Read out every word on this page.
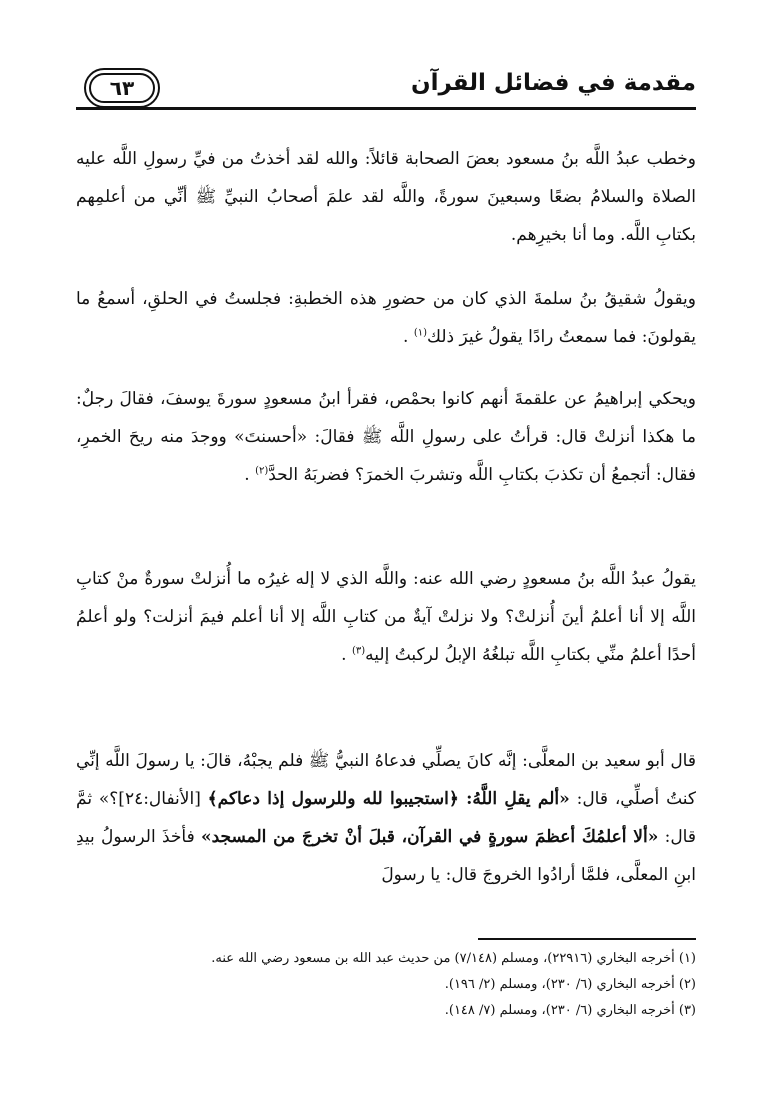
٦٣	مقدمة في فضائل القرآن

وخطب عبدُ اللَّه بنُ مسعود بعضَ الصحابة قائلاً: والله لقد أخذتُ من فيِّ رسولِ اللَّه عليه الصلاة والسلامُ بضعًا وسبعينَ سورةً، واللَّه لقد علمَ أصحابُ النبيِّ ﷺ أنِّي من أعلمِهم بكتابِ اللَّه. وما أنا بخيرِهم.

ويقولُ شقيقُ بنُ سلمةَ الذي كان من حضورِ هذه الخطبةِ: فجلستُ في الحلقِ، أسمعُ ما يقولونَ: فما سمعتُ رادًا يقولُ غيرَ ذلك$^{(١)}$ .

ويحكي إبراهيمُ عن علقمةَ أنهم كانوا بحمْص، فقرأ ابنُ مسعودٍ سورةَ يوسفَ، فقالَ رجلٌ: ما هكذا أنزلتْ قال: قرأتُ على رسولِ اللَّه ﷺ فقالَ: «أحسنتَ» ووجدَ منه ريحَ الخمرِ، فقال: أتجمعُ أن تكذبَ بكتابِ اللَّه وتشربَ الخمرَ؟ فضربَهُ الحدَّ$^{(٢)}$ .

يقولُ عبدُ اللَّه بنُ مسعودٍ رضي الله عنه: واللَّه الذي لا إله غيرُه ما أُنزلتْ سورةٌ منْ كتابِ اللَّه إلا أنا أعلمُ أينَ أُنزلتْ؟ ولا نزلتْ آيةٌ من كتابِ اللَّه إلا أنا أعلم فيمَ أنزلت؟ ولو أعلمُ أحدًا أعلمُ منِّي بكتابِ اللَّه تبلغُهُ الإبلُ لركبتُ إليه$^{(٣)}$ .

قال أبو سعيد بن المعلَّى: إنَّه كانَ يصلِّي فدعاهُ النبيُّ ﷺ فلم يجبْهُ، قالَ: يا رسولَ اللَّه إنِّي كنتُ أصلِّي، قال: «ألم يقلِ اللَّهُ: ﴿استجيبوا لله وللرسول إذا دعاكم﴾ [الأنفال:٢٤]؟» ثمَّ قال: «ألا أعلمُكَ أعظمَ سورةٍ في القرآن، قبلَ أنْ تخرجَ من المسجد» فأخذَ الرسولُ بيدِ ابنِ المعلَّى، فلمَّا أرادُوا الخروجَ قال: يا رسولَ

(١) أخرجه البخاري (٢٢٩١٦)، ومسلم (٧/١٤٨) من حديث عبد الله بن مسعود رضي الله عنه.

(٢) أخرجه البخاري (٦/ ٢٣٠)، ومسلم (٢/ ١٩٦).

(٣) أخرجه البخاري (٦/ ٢٣٠)، ومسلم (٧/ ١٤٨).
